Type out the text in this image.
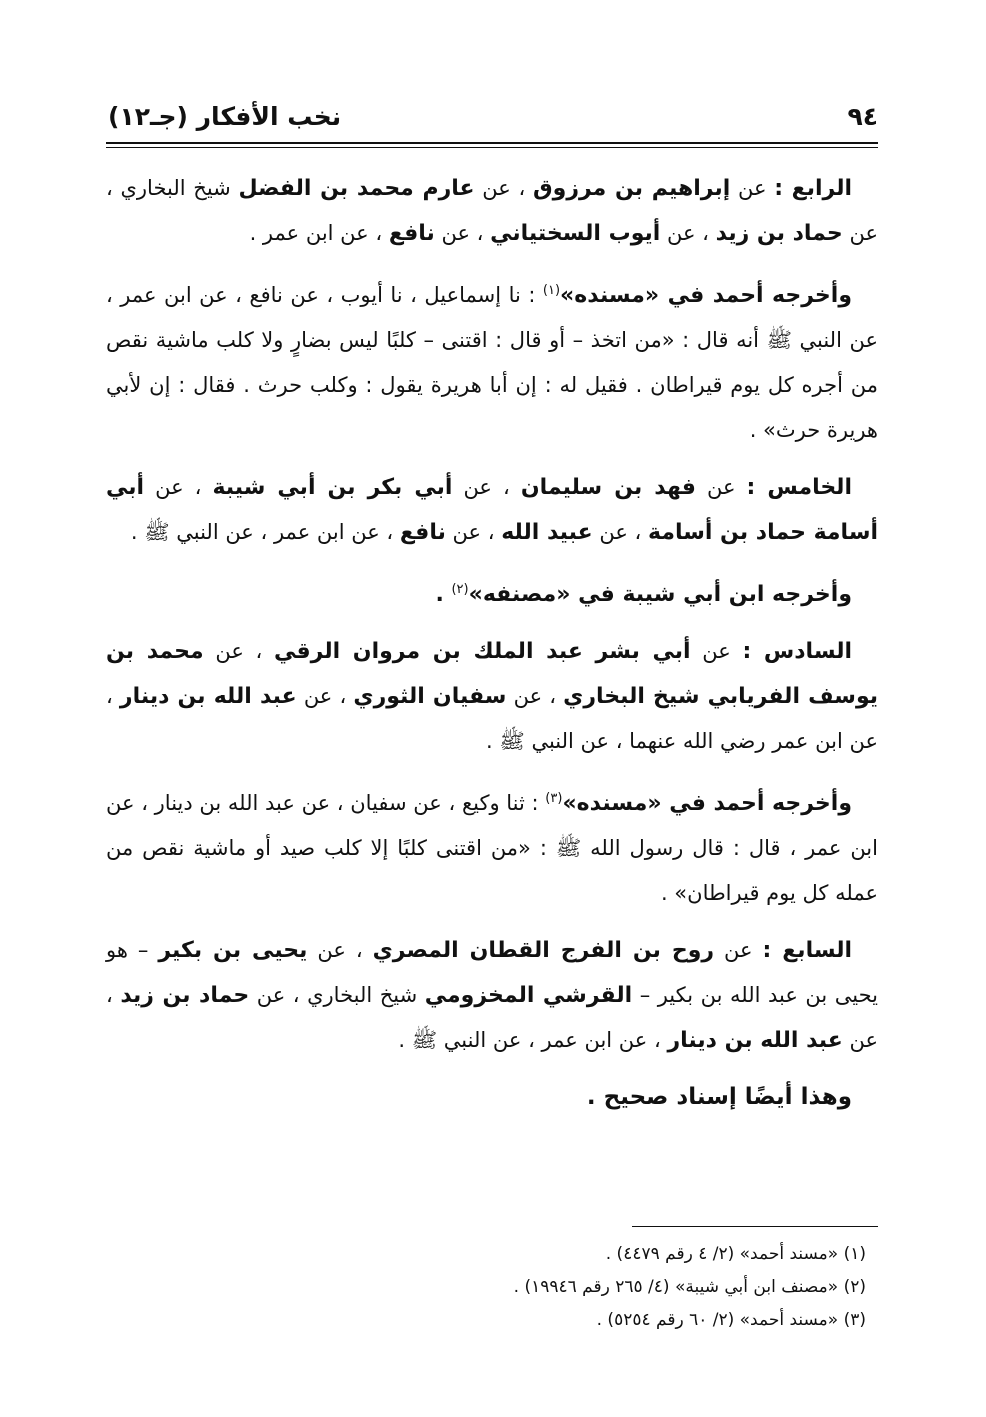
٩٤
نخب الأفكار (جـ١٢)

الرابع : عن إبراهيم بن مرزوق ، عن عارم محمد بن الفضل شيخ البخاري ، عن حماد بن زيد ، عن أيوب السختياني ، عن نافع ، عن ابن عمر .

وأخرجه أحمد في «مسنده»$^{(١)}$ : نا إسماعيل ، نا أيوب ، عن نافع ، عن ابن عمر ، عن النبي ﷺ أنه قال : «من اتخذ – أو قال : اقتنى – كلبًا ليس بضارٍ ولا كلب ماشية نقص من أجره كل يوم قيراطان . فقيل له : إن أبا هريرة يقول : وكلب حرث . فقال : إن لأبي هريرة حرث» .

الخامس : عن فهد بن سليمان ، عن أبي بكر بن أبي شيبة ، عن أبي أسامة حماد بن أسامة ، عن عبيد الله ، عن نافع ، عن ابن عمر ، عن النبي ﷺ .

وأخرجه ابن أبي شيبة في «مصنفه»$^{(٢)}$ .

السادس : عن أبي بشر عبد الملك بن مروان الرقي ، عن محمد بن يوسف الفريابي شيخ البخاري ، عن سفيان الثوري ، عن عبد الله بن دينار ، عن ابن عمر رضي الله عنهما ، عن النبي ﷺ .

وأخرجه أحمد في «مسنده»$^{(٣)}$ : ثنا وكيع ، عن سفيان ، عن عبد الله بن دينار ، عن ابن عمر ، قال : قال رسول الله ﷺ : «من اقتنى كلبًا إلا كلب صيد أو ماشية نقص من عمله كل يوم قيراطان» .

السابع : عن روح بن الفرج القطان المصري ، عن يحيى بن بكير – هو يحيى بن عبد الله بن بكير – القرشي المخزومي شيخ البخاري ، عن حماد بن زيد ، عن عبد الله بن دينار ، عن ابن عمر ، عن النبي ﷺ .

وهذا أيضًا إسناد صحيح .

(١) «مسند أحمد» (٢/ ٤ رقم ٤٤٧٩) .
(٢) «مصنف ابن أبي شيبة» (٤/ ٢٦٥ رقم ١٩٩٤٦) .
(٣) «مسند أحمد» (٢/ ٦٠ رقم ٥٢٥٤) .
